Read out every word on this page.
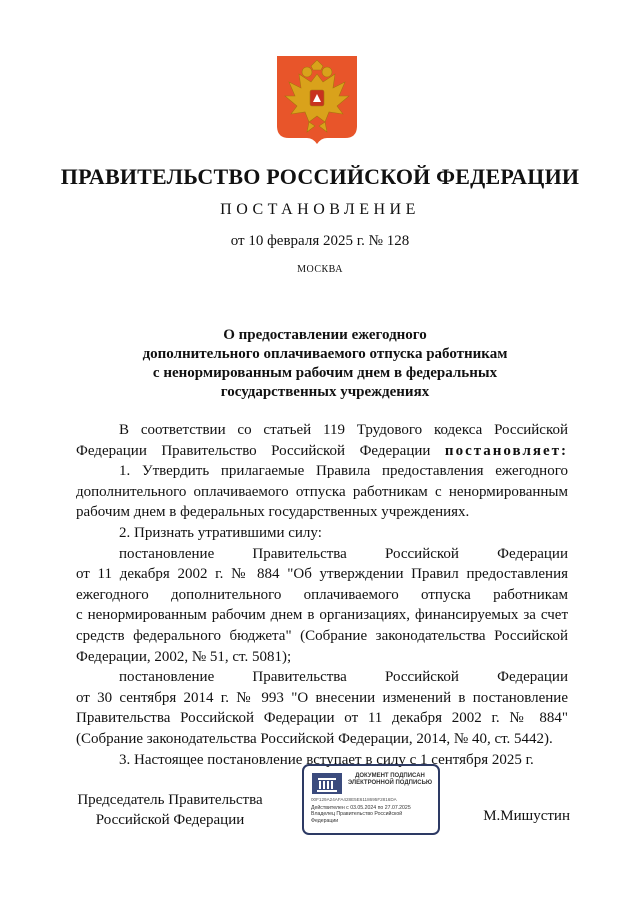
ПРАВИТЕЛЬСТВО РОССИЙСКОЙ ФЕДЕРАЦИИ
ПОСТАНОВЛЕНИЕ
от 10 февраля 2025 г. № 128
МОСКВА
О предоставлении ежегодного
дополнительного оплачиваемого отпуска работникам
с ненормированным рабочим днем в федеральных
государственных учреждениях
В соответствии со статьей 119 Трудового кодекса Российской
Федерации Правительство Российской Федерации постановляет:
1. Утвердить прилагаемые Правила предоставления ежегодного
дополнительного оплачиваемого отпуска работникам с ненормированным
рабочим днем в федеральных государственных учреждениях.
2. Признать утратившими силу:
постановление Правительства Российской Федерации
от 11 декабря 2002 г. № 884 "Об утверждении Правил предоставления
ежегодного дополнительного оплачиваемого отпуска работникам
с ненормированным рабочим днем в организациях, финансируемых за счет
средств федерального бюджета" (Собрание законодательства Российской
Федерации, 2002, № 51, ст. 5081);
постановление Правительства Российской Федерации
от 30 сентября 2014 г. № 993 "О внесении изменений в постановление
Правительства Российской Федерации от 11 декабря 2002 г. № 884"
(Собрание законодательства Российской Федерации, 2014, № 40, ст. 5442).
3. Настоящее постановление вступает в силу с 1 сентября 2025 г.
Председатель Правительства
Российской Федерации
ДОКУМЕНТ ПОДПИСАН
ЭЛЕКТРОННОЙ ПОДПИСЬЮ
00F129A24AFA428E5E6118695F2816DA
Действителен с 03.05.2024 по 27.07.2025
Владелец Правительство Российской
Федерации	М.Мишустин
